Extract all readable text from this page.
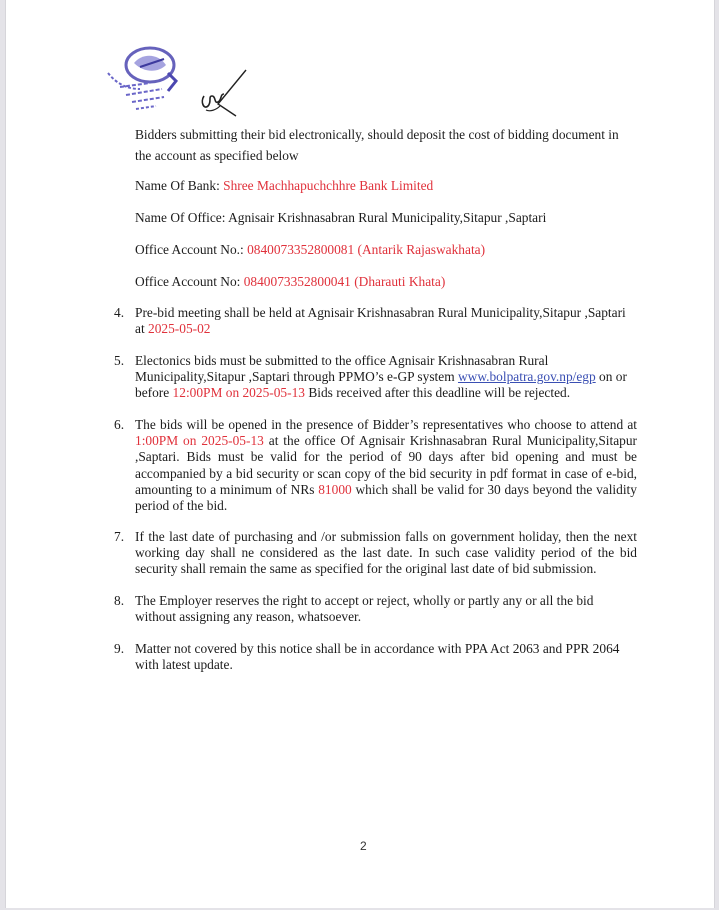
Bidders submitting their bid electronically, should deposit the cost of bidding document in the account as specified below
Name Of Bank: Shree Machhapuchchhre Bank Limited
Name Of Office: Agnisair Krishnasabran Rural Municipality,Sitapur ,Saptari
Office Account No.: 0840073352800081 (Antarik Rajaswakhata)
Office Account No: 0840073352800041 (Dharauti Khata)
4. Pre-bid meeting shall be held at Agnisair Krishnasabran Rural Municipality,Sitapur ,Saptari at 2025-05-02
5. Electonics bids must be submitted to the office Agnisair Krishnasabran Rural Municipality,Sitapur ,Saptari through PPMO’s e-GP system www.bolpatra.gov.np/egp on or before 12:00PM on 2025-05-13 Bids received after this deadline will be rejected.
6. The bids will be opened in the presence of Bidder’s representatives who choose to attend at 1:00PM on 2025-05-13 at the office Of Agnisair Krishnasabran Rural Municipality,Sitapur ,Saptari. Bids must be valid for the period of 90 days after bid opening and must be accompanied by a bid security or scan copy of the bid security in pdf format in case of e-bid, amounting to a minimum of NRs 81000 which shall be valid for 30 days beyond the validity period of the bid.
7. If the last date of purchasing and /or submission falls on government holiday, then the next working day shall ne considered as the last date. In such case validity period of the bid security shall remain the same as specified for the original last date of bid submission.
8. The Employer reserves the right to accept or reject, wholly or partly any or all the bid without assigning any reason, whatsoever.
9. Matter not covered by this notice shall be in accordance with PPA Act 2063 and PPR 2064 with latest update.
2
